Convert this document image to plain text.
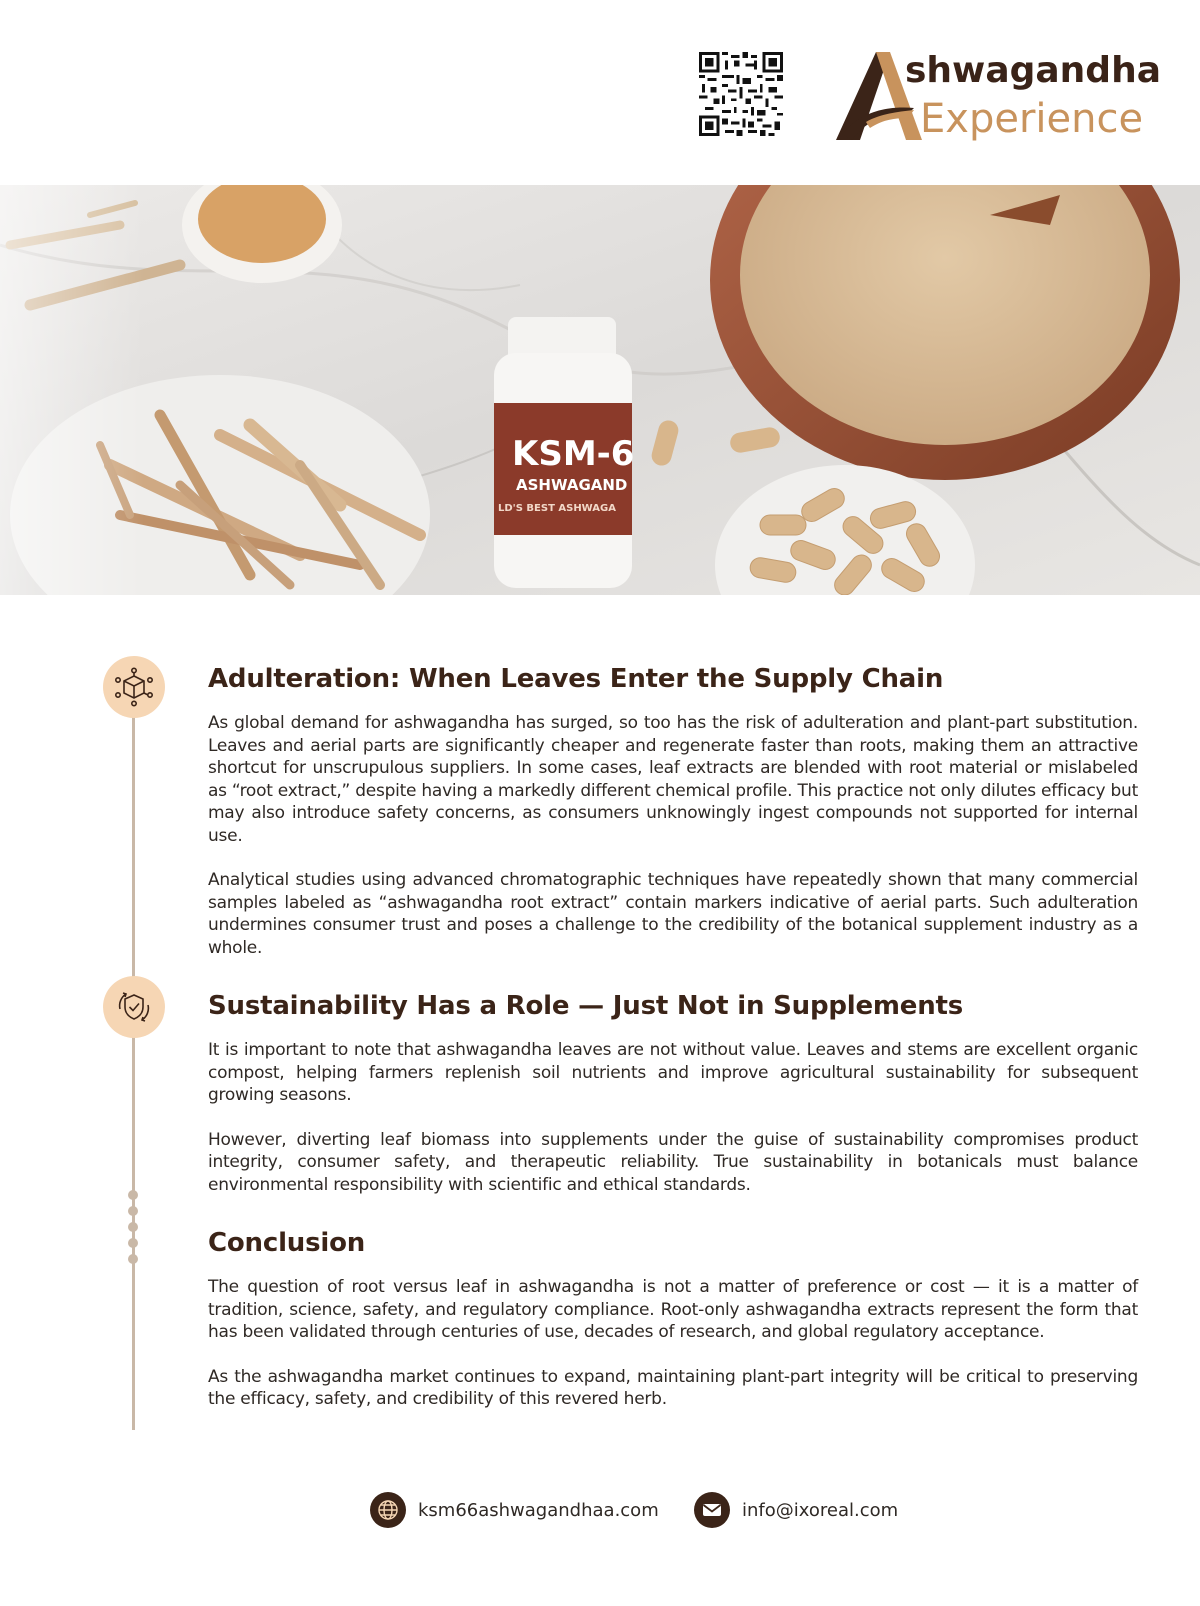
shwagandha
Experience
Adulteration: When Leaves Enter the Supply Chain

As global demand for ashwagandha has surged, so too has the risk of adulteration and plant-part substitution. Leaves and aerial parts are significantly cheaper and regenerate faster than roots, making them an attractive shortcut for unscrupulous suppliers. In some cases, leaf extracts are blended with root material or mislabeled as “root extract,” despite having a markedly different chemical profile. This practice not only dilutes efficacy but may also introduce safety concerns, as consumers unknowingly ingest compounds not supported for internal use.

Analytical studies using advanced chromatographic techniques have repeatedly shown that many commercial samples labeled as “ashwagandha root extract” contain markers indicative of aerial parts. Such adulteration undermines consumer trust and poses a challenge to the credibility of the botanical supplement industry as a whole.

Sustainability Has a Role — Just Not in Supplements

It is important to note that ashwagandha leaves are not without value. Leaves and stems are excellent organic compost, helping farmers replenish soil nutrients and improve agricultural sustainability for subsequent growing seasons.

However, diverting leaf biomass into supplements under the guise of sustainability compromises product integrity, consumer safety, and therapeutic reliability. True sustainability in botanicals must balance environmental responsibility with scientific and ethical standards.

Conclusion

The question of root versus leaf in ashwagandha is not a matter of preference or cost — it is a matter of tradition, science, safety, and regulatory compliance. Root-only ashwagandha extracts represent the form that has been validated through centuries of use, decades of research, and global regulatory acceptance.

As the ashwagandha market continues to expand, maintaining plant-part integrity will be critical to preserving the efficacy, safety, and credibility of this revered herb.

ksm66ashwagandhaa.com	info@ixoreal.com
